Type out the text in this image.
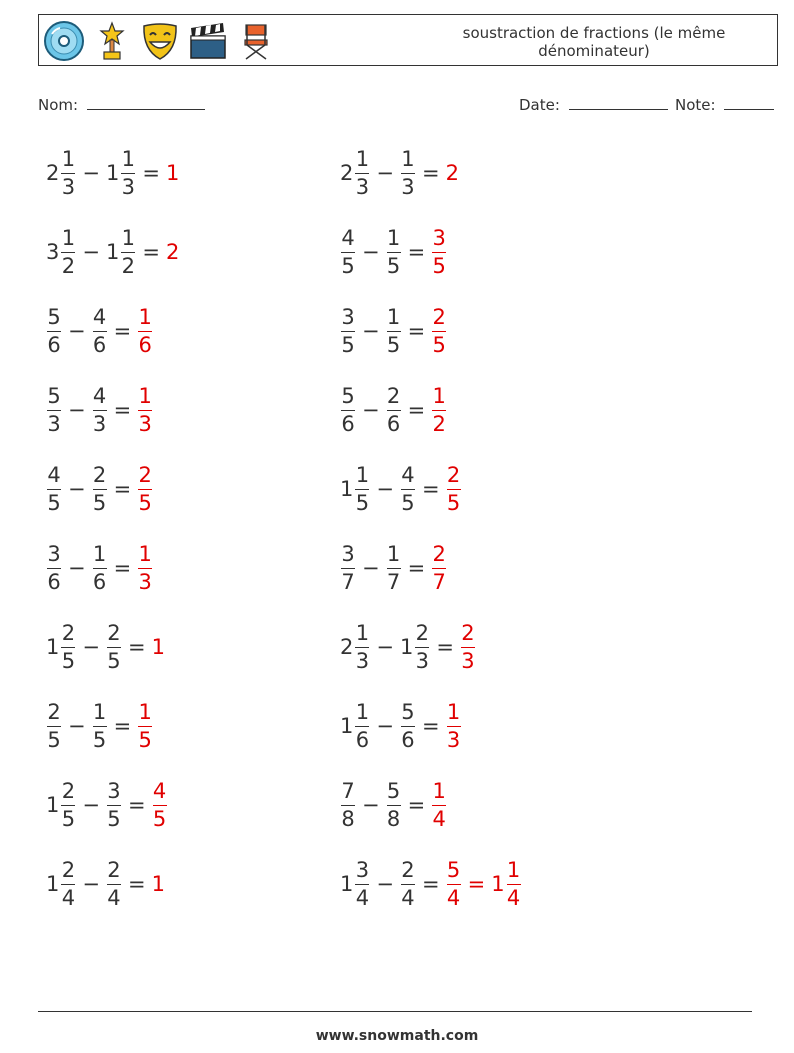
soustraction de fractions (le même
dénominateur)
Nom:	Date:	Note:
$2 \frac{1}{3} - 1 \frac{1}{3} = 1$	$2 \frac{1}{3} - \frac{1}{3} = 2$
$3 \frac{1}{2} - 1 \frac{1}{2} = 2$	$\frac{4}{5} - \frac{1}{5} = \frac{3}{5}$
$\frac{5}{6} - \frac{4}{6} = \frac{1}{6}$	$\frac{3}{5} - \frac{1}{5} = \frac{2}{5}$
$\frac{5}{3} - \frac{4}{3} = \frac{1}{3}$	$\frac{5}{6} - \frac{2}{6} = \frac{1}{2}$
$\frac{4}{5} - \frac{2}{5} = \frac{2}{5}$	$1 \frac{1}{5} - \frac{4}{5} = \frac{2}{5}$
$\frac{3}{6} - \frac{1}{6} = \frac{1}{3}$	$\frac{3}{7} - \frac{1}{7} = \frac{2}{7}$
$1 \frac{2}{5} - \frac{2}{5} = 1$	$2 \frac{1}{3} - 1 \frac{2}{3} = \frac{2}{3}$
$\frac{2}{5} - \frac{1}{5} = \frac{1}{5}$	$1 \frac{1}{6} - \frac{5}{6} = \frac{1}{3}$
$1 \frac{2}{5} - \frac{3}{5} = \frac{4}{5}$	$\frac{7}{8} - \frac{5}{8} = \frac{1}{4}$
$1 \frac{2}{4} - \frac{2}{4} = 1$	$1 \frac{3}{4} - \frac{2}{4} = \frac{5}{4} = 1 \frac{1}{4}$
www.snowmath.com
